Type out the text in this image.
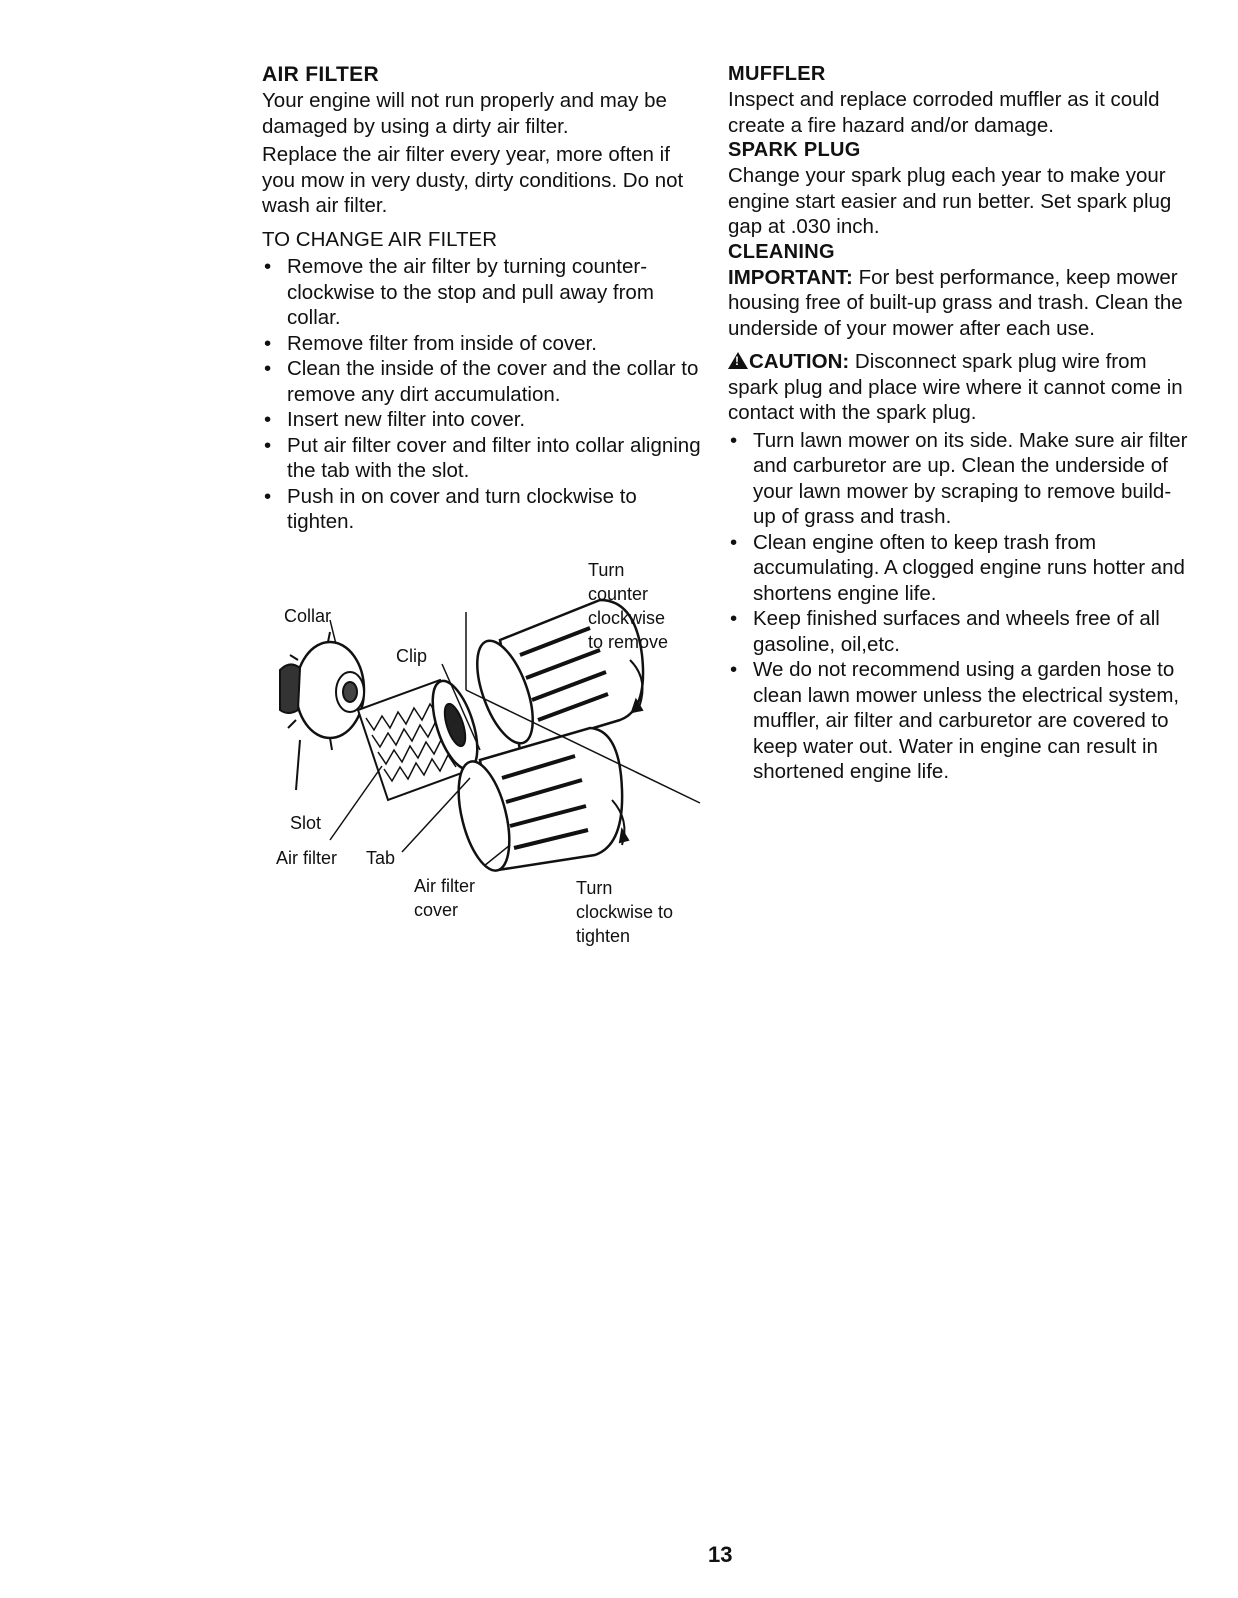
AIR FILTER

Your engine will not run properly and may be damaged by using a dirty air filter.

Replace the air filter every year, more often if you mow in very dusty, dirty conditions. Do not wash air filter.

TO CHANGE AIR FILTER
• Remove the air filter by turning counter-clockwise to the stop and pull away from collar.
• Remove filter from inside of cover.
• Clean the inside of the cover and the collar to remove any dirt accumulation.
• Insert new filter into cover.
• Put air filter cover and filter into collar aligning the tab with the slot.
• Push in on cover and turn clockwise to tighten.
Collar
Clip
Slot
Air filter Tab
Air filter
cover
Turn
counter
clockwise
to remove
Turn
clockwise to
tighten
MUFFLER

Inspect and replace corroded muffler as it could create a fire hazard and/or damage.

SPARK PLUG

Change your spark plug each year to make your engine start easier and run better. Set spark plug gap at .030 inch.

CLEANING

IMPORTANT: For best performance, keep mower housing free of built-up grass and trash. Clean the underside of your mower after each use.

!CAUTION: Disconnect spark plug wire from spark plug and place wire where it cannot come in contact with the spark plug.

• Turn lawn mower on its side. Make sure air filter and carburetor are up. Clean the underside of your lawn mower by scraping to remove build-up of grass and trash.
• Clean engine often to keep trash from accumulating. A clogged engine runs hotter and shortens engine life.
• Keep finished surfaces and wheels free of all gasoline, oil,etc.
• We do not recommend using a garden hose to clean lawn mower unless the electrical system, muffler, air filter and carburetor are covered to keep water out. Water in engine can result in shortened engine life.
13
